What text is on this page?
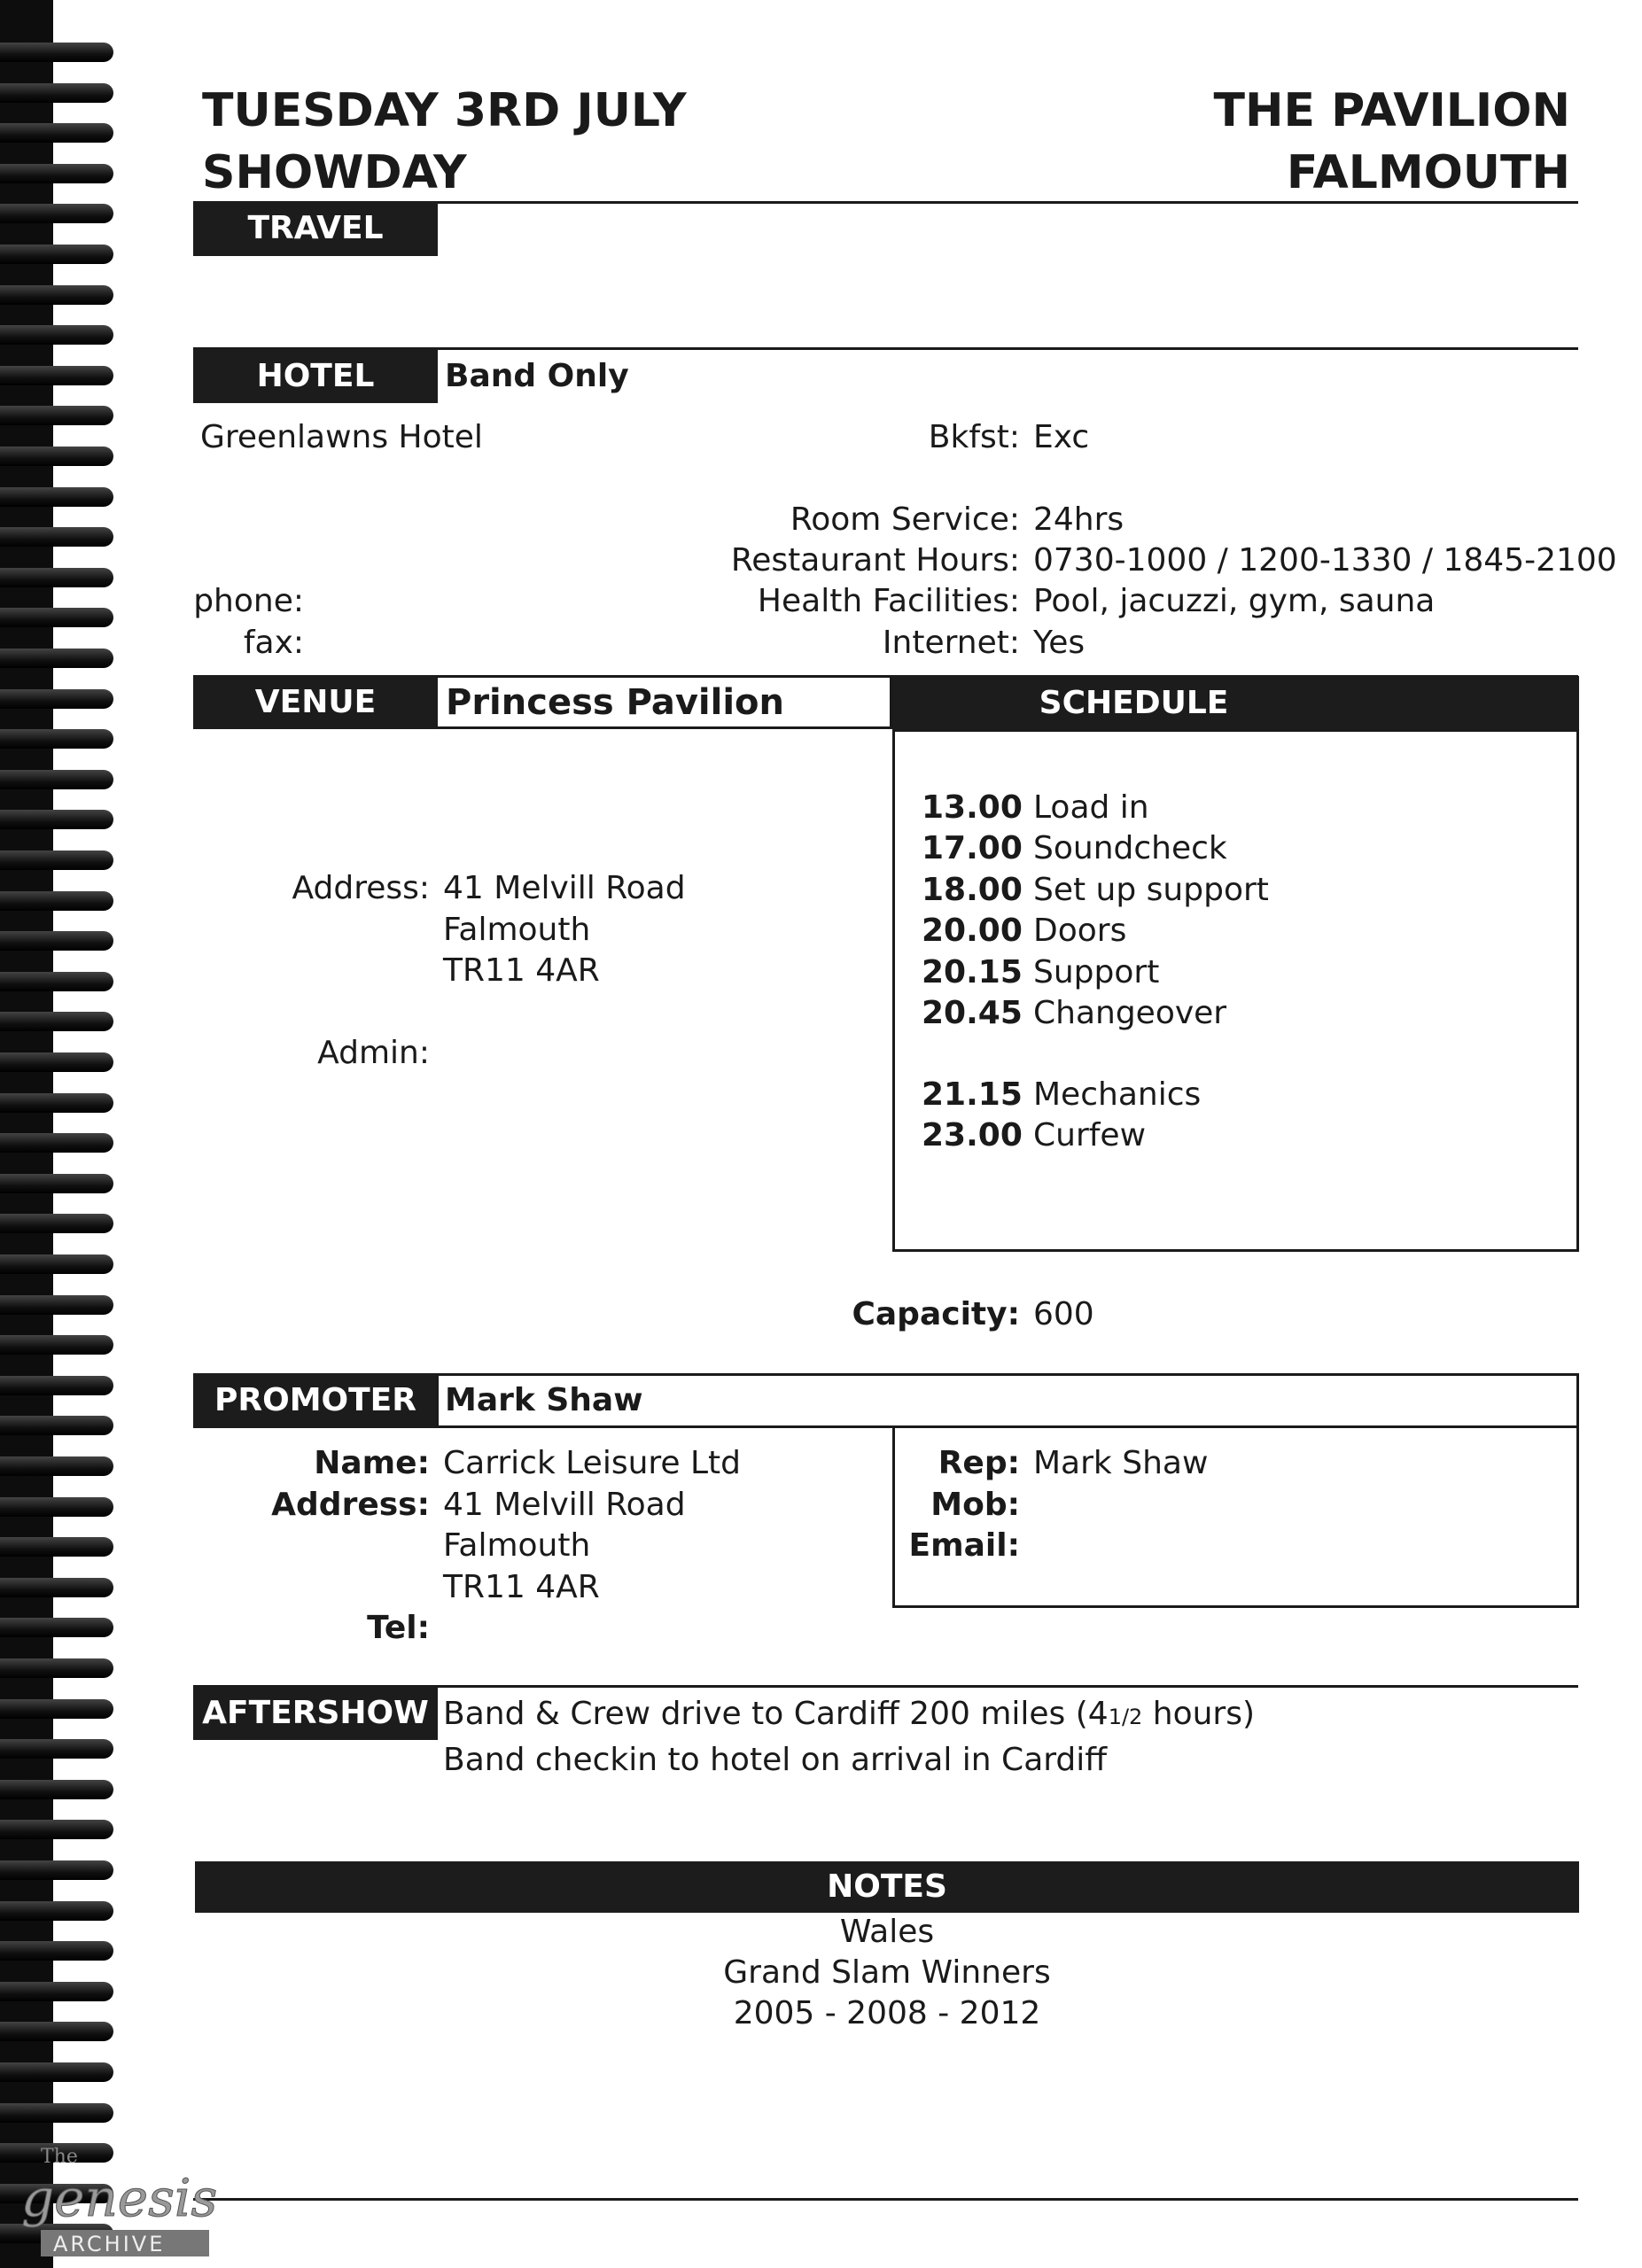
TUESDAY 3RD JULY
SHOWDAY
THE PAVILION
FALMOUTH
TRAVEL
HOTEL	Band Only
Greenlawns Hotel
phone:
fax:
Bkfst: Exc
Room Service: 24hrs
Restaurant Hours: 0730-1000 / 1200-1330 / 1845-2100
Health Facilities: Pool, jacuzzi, gym, sauna
Internet: Yes
VENUE	Princess Pavilion	SCHEDULE
13.00 Load in
17.00 Soundcheck
18.00 Set up support
20.00 Doors
20.15 Support
20.45 Changeover
21.15 Mechanics
23.00 Curfew
Address: 41 Melvill Road
Falmouth
TR11 4AR
Admin:
Capacity: 600
PROMOTER Mark Shaw
Name: Carrick Leisure Ltd
Address: 41 Melvill Road
Falmouth
TR11 4AR
Tel:
Rep: Mark Shaw
Mob:
Email:
AFTERSHOW Band & Crew drive to Cardiff 200 miles (41/2 hours)
Band checkin to hotel on arrival in Cardiff
NOTES
Wales
Grand Slam Winners
2005 - 2008 - 2012
The
genesis
ARCHIVE
